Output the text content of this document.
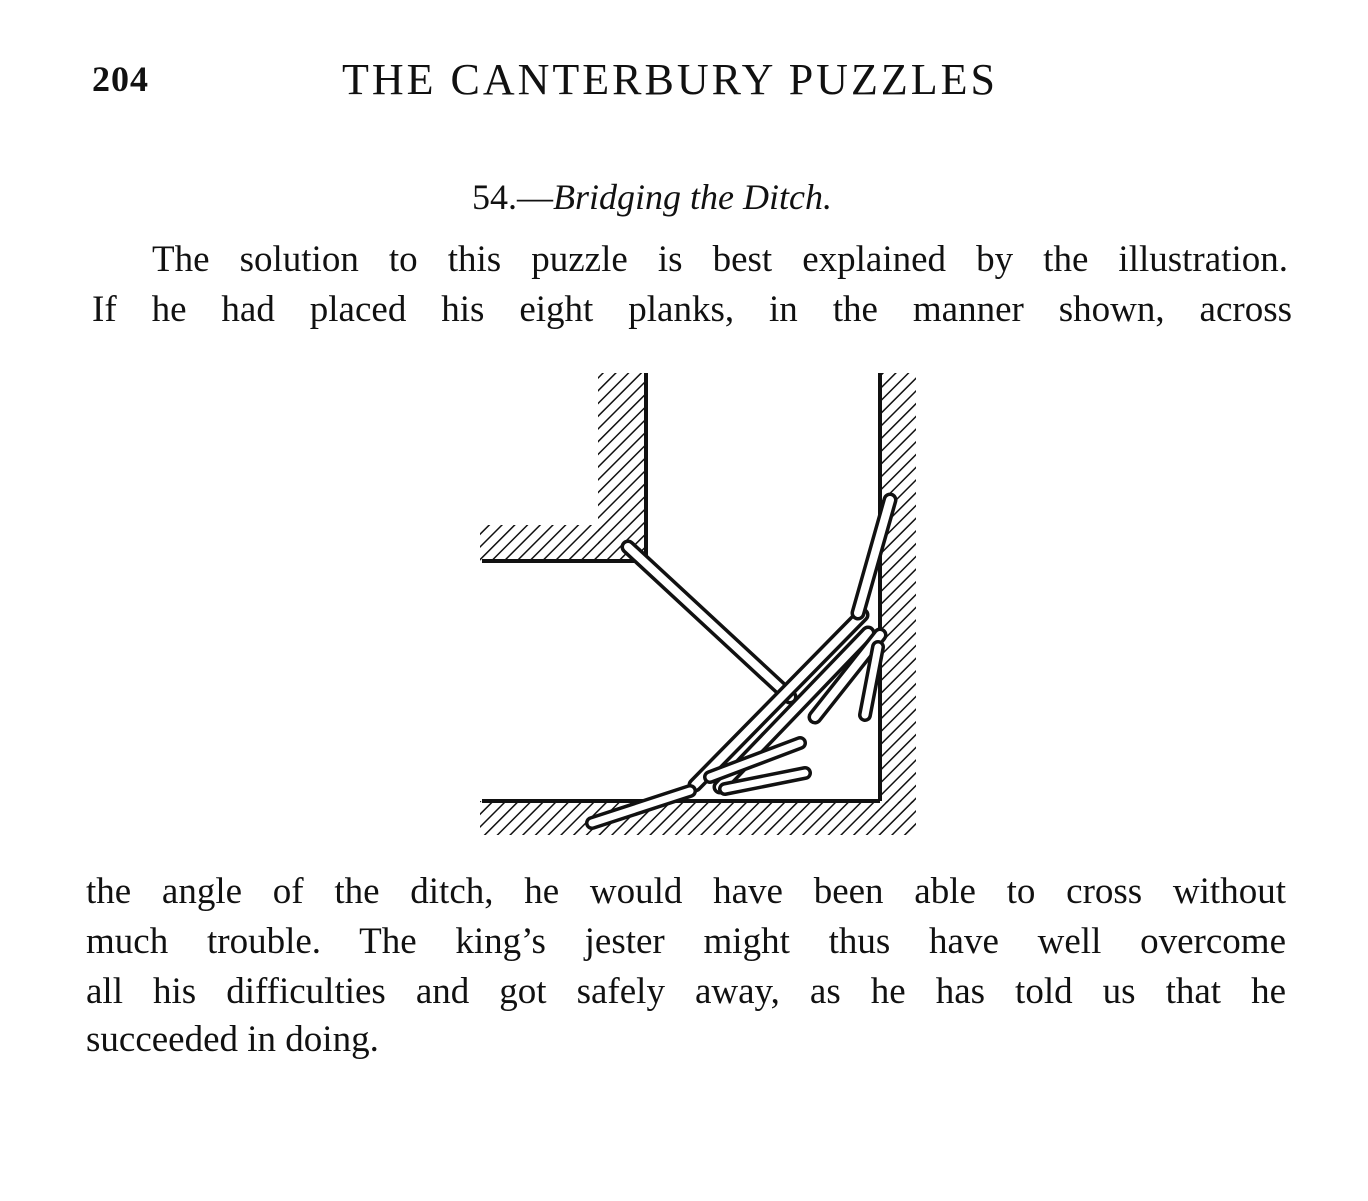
204	THE CANTERBURY PUZZLES
54.—Bridging the Ditch.
The solution to this puzzle is best explained by the illustration.
If he had placed his eight planks, in the manner shown, across
the angle of the ditch, he would have been able to cross without
much trouble. The king’s jester might thus have well overcome
all his difficulties and got safely away, as he has told us that he
succeeded in doing.
